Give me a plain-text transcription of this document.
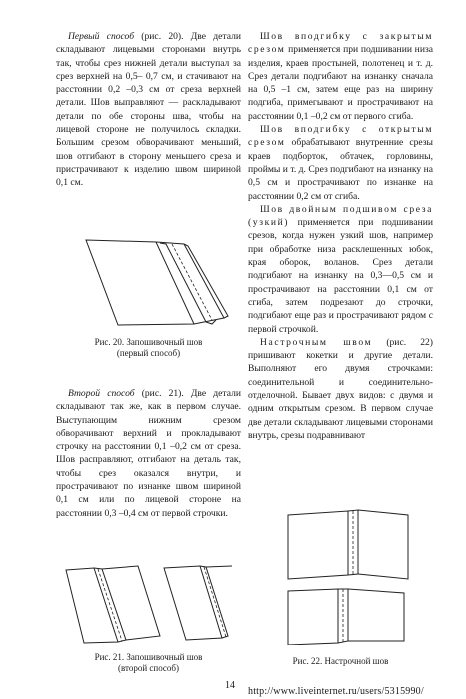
Первый способ (рис. 20). Две детали складывают лицевыми сторонами внутрь так, чтобы срез нижней детали выступал за срез верхней на 0,5– 0,7 см, и стачивают на расстоянии 0,2 –0,3 см от среза верхней детали. Шов выправляют — раскладывают детали по обе стороны шва, чтобы на лицевой стороне не получилось складки. Большим срезом обворачивают меньший, шов отгибают в сторону меньшего среза и пристрачивают к изделию швом шириной 0,1 см.

Рис. 20. Запошивочный шов
(первый способ)

Второй способ (рис. 21). Две детали складывают так же, как в первом случае. Выступающим нижним срезом обворачивают верхний и прокладывают строчку на расстоянии 0,1 –0,2 см от среза. Шов расправляют, отгибают на деталь так, чтобы срез оказался внутри, и прострачивают по изнанке швом шириной 0,1 см или по лицевой стороне на расстоянии 0,3 –0,4 см от первой строчки.

Рис. 21. Запошивочный шов
(второй способ)

Шов вподгибку с закрытым срезом применяется при подшивании низа изделия, краев простыней, полотенец и т. д. Срез детали подгибают на изнанку сначала на 0,5 –1 см, затем еще раз на ширину подгиба, примегывают и прострачивают на расстоянии 0,1 –0,2 см от первого сгиба.

Шов вподгибку с открытым срезом обрабатывают внутренние срезы краев подборток, обтачек, горловины, проймы и т. д. Срез подгибают на изнанку на 0,5 см и прострачивают по изнанке на расстоянии 0,2 см от сгиба.

Шов двойным подшивом среза (узкий) применяется при подшивании срезов, когда нужен узкий шов, например при обработке низа расклешенных юбок, края оборок, воланов. Срез детали подгибают на изнанку на 0,3—0,5 см и прострачивают на расстоянии 0,1 см от сгиба, затем подрезают до строчки, подгибают еще раз и прострачивают рядом с первой строчкой.

Настрочным швом (рис. 22) пришивают кокетки и другие детали. Выполняют его двумя строчками: соединительной и соединительно-отделочной. Бывает двух видов: с двумя и одним открытым срезом. В первом случае две детали складывают лицевыми сторонами внутрь, срезы подравнивают

Рис. 22. Настрочной шов
14
http://www.liveinternet.ru/users/5315990/
